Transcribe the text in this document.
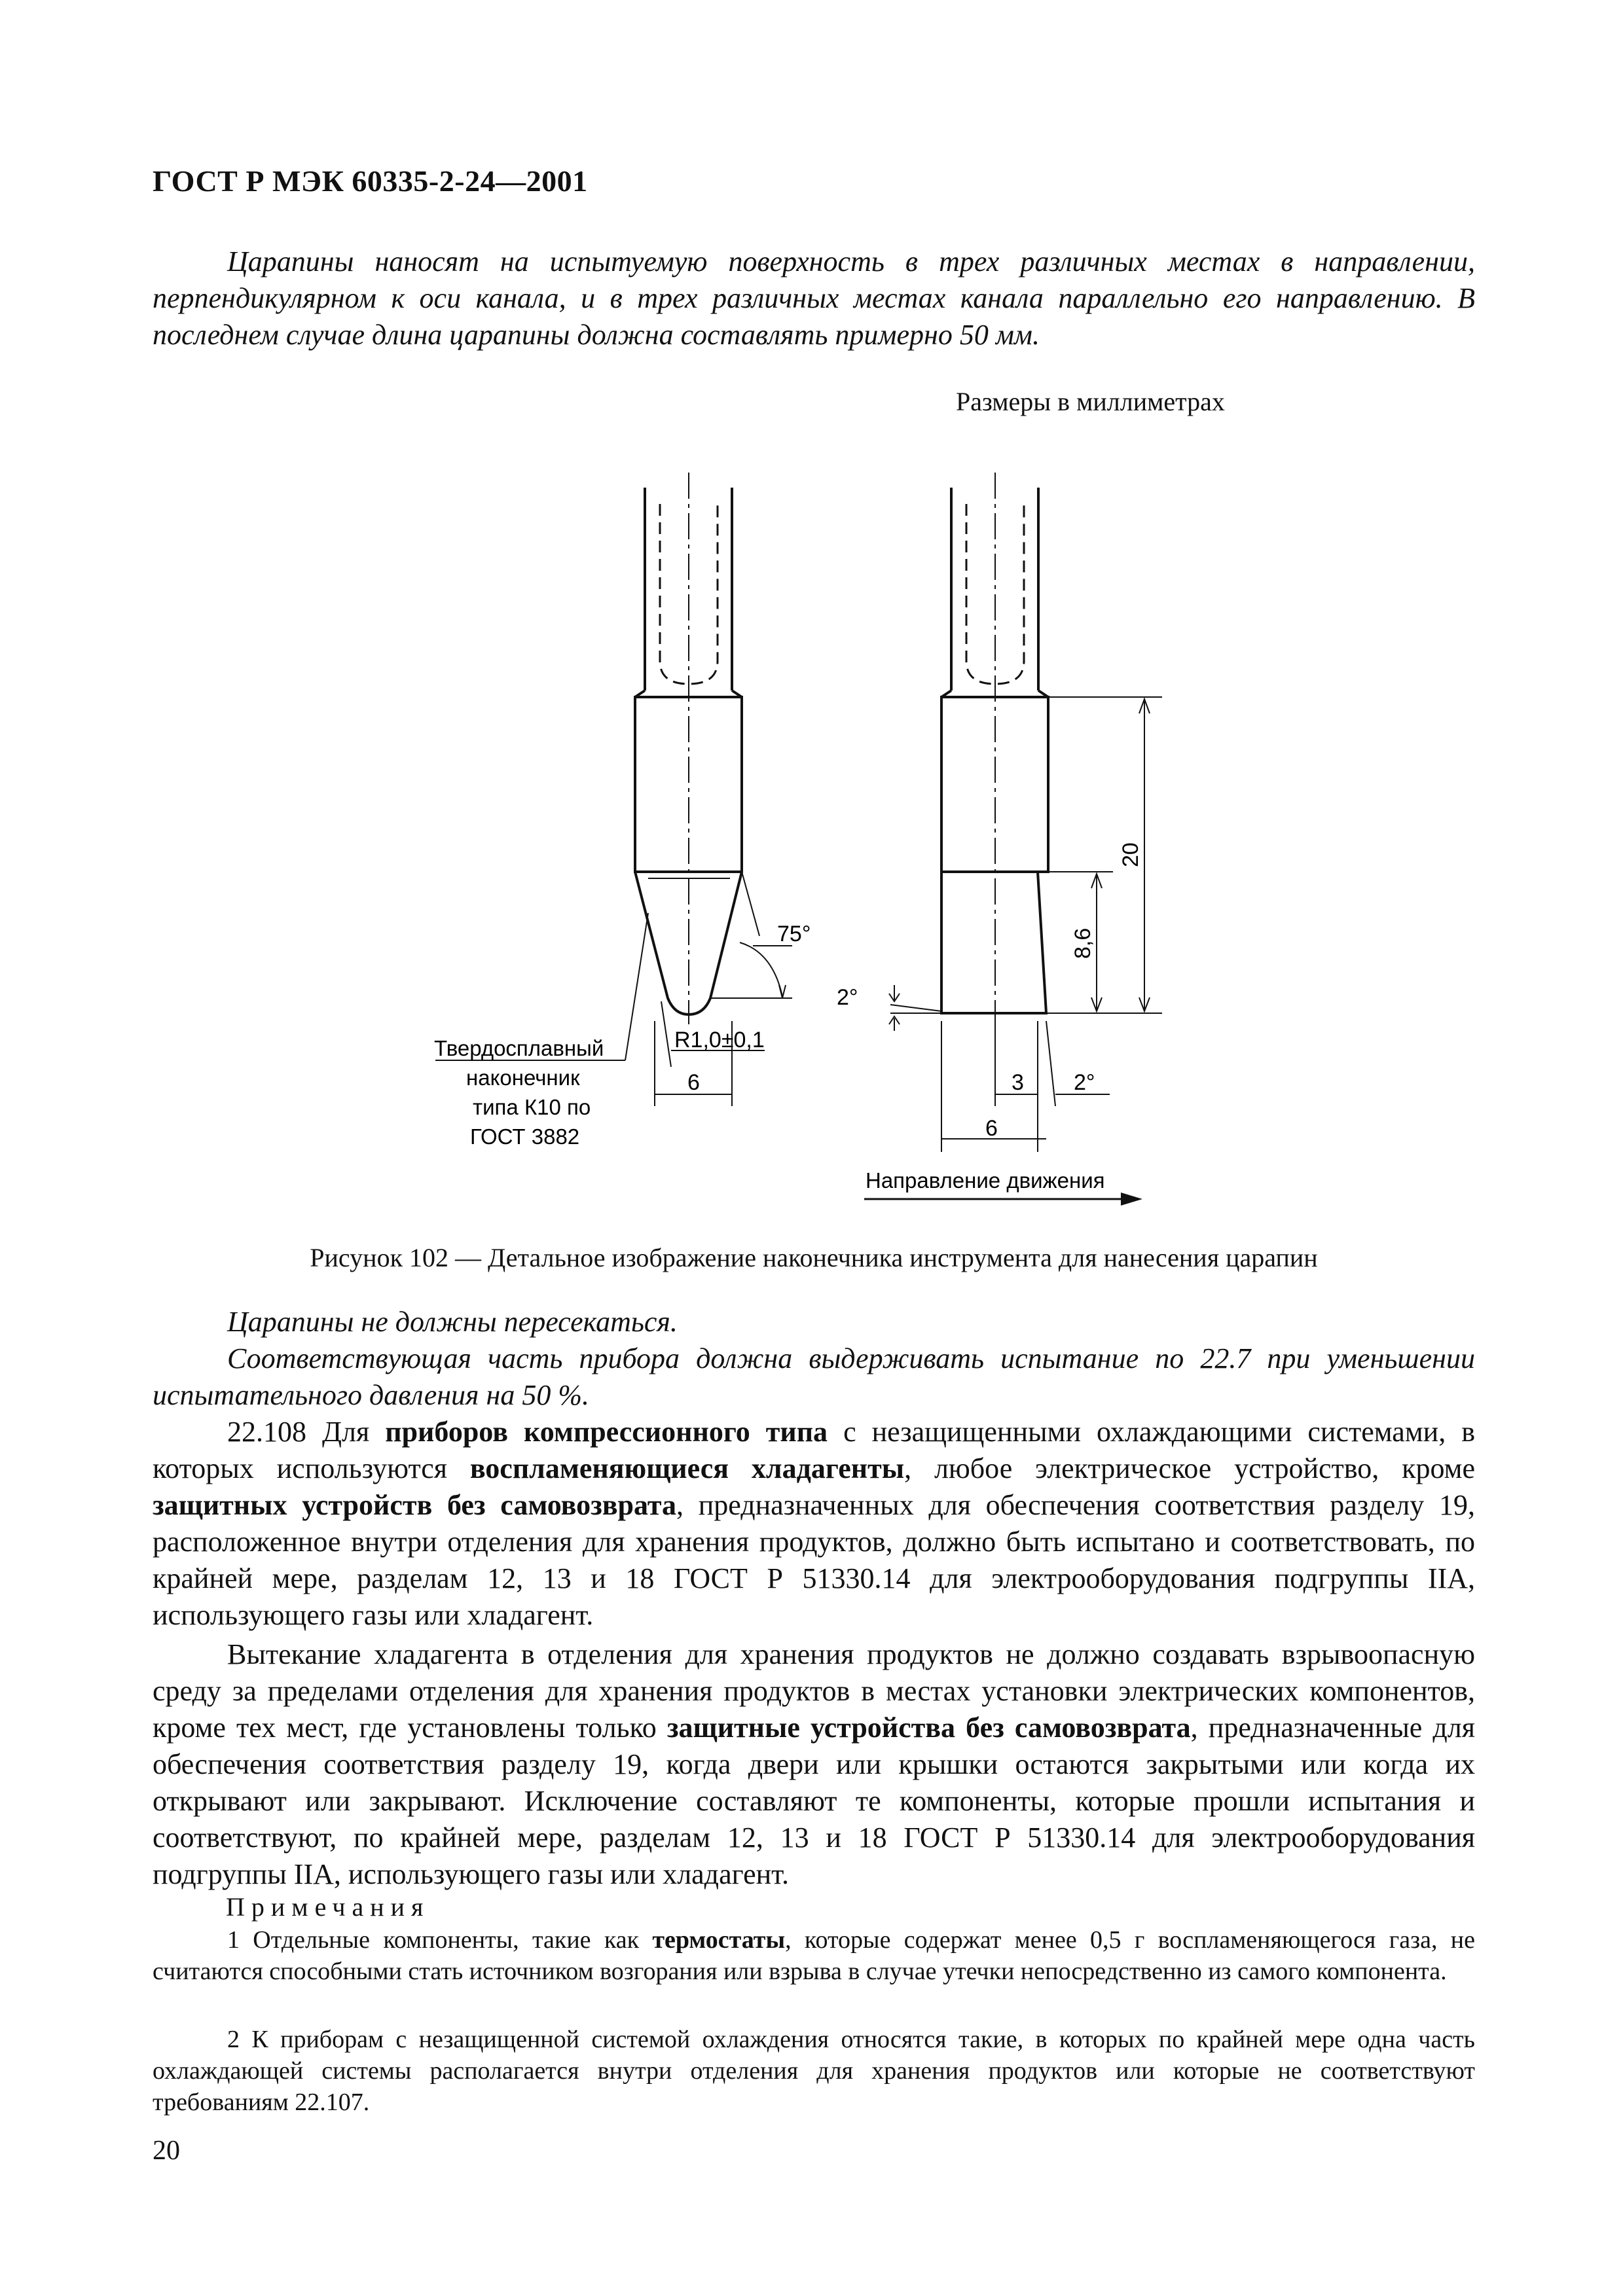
ГОСТ Р МЭК 60335-2-24—2001
Царапины наносят на испытуемую поверхность в трех различных местах в направлении, перпендикулярном к оси канала, и в трех различных местах канала параллельно его направлению. В последнем случае длина царапины должна составлять примерно 50 мм.
Размеры в миллиметрах
75°
2°
R1,0±0,1
6	3 2°
6
20
8,6
Твердосплавный
наконечник
типа К10 по
ГОСТ 3882
Направление движения
Рисунок 102 — Детальное изображение наконечника инструмента для нанесения царапин
Царапины не должны пересекаться.
Соответствующая часть прибора должна выдерживать испытание по 22.7 при уменьшении испытательного давления на 50 %.
22.108 Для приборов компрессионного типа с незащищенными охлаждающими системами, в которых используются воспламеняющиеся хладагенты, любое электрическое устройство, кроме защитных устройств без самовозврата, предназначенных для обеспечения соответствия разделу 19, расположенное внутри отделения для хранения продуктов, должно быть испытано и соответствовать, по крайней мере, разделам 12, 13 и 18 ГОСТ Р 51330.14 для электрооборудования подгруппы IIA, использующего газы или хладагент.
Вытекание хладагента в отделения для хранения продуктов не должно создавать взрывоопасную среду за пределами отделения для хранения продуктов в местах установки электрических компонентов, кроме тех мест, где установлены только защитные устройства без самовозврата, предназначенные для обеспечения соответствия разделу 19, когда двери или крышки остаются закрытыми или когда их открывают или закрывают. Исключение составляют те компоненты, которые прошли испытания и соответствуют, по крайней мере, разделам 12, 13 и 18 ГОСТ Р 51330.14 для электрооборудования подгруппы IIA, использующего газы или хладагент.
Примечания
1 Отдельные компоненты, такие как термостаты, которые содержат менее 0,5 г воспламеняющегося газа, не считаются способными стать источником возгорания или взрыва в случае утечки непосредственно из самого компонента.
2 К приборам с незащищенной системой охлаждения относятся такие, в которых по крайней мере одна часть охлаждающей системы располагается внутри отделения для хранения продуктов или которые не соответствуют требованиям 22.107.
20
